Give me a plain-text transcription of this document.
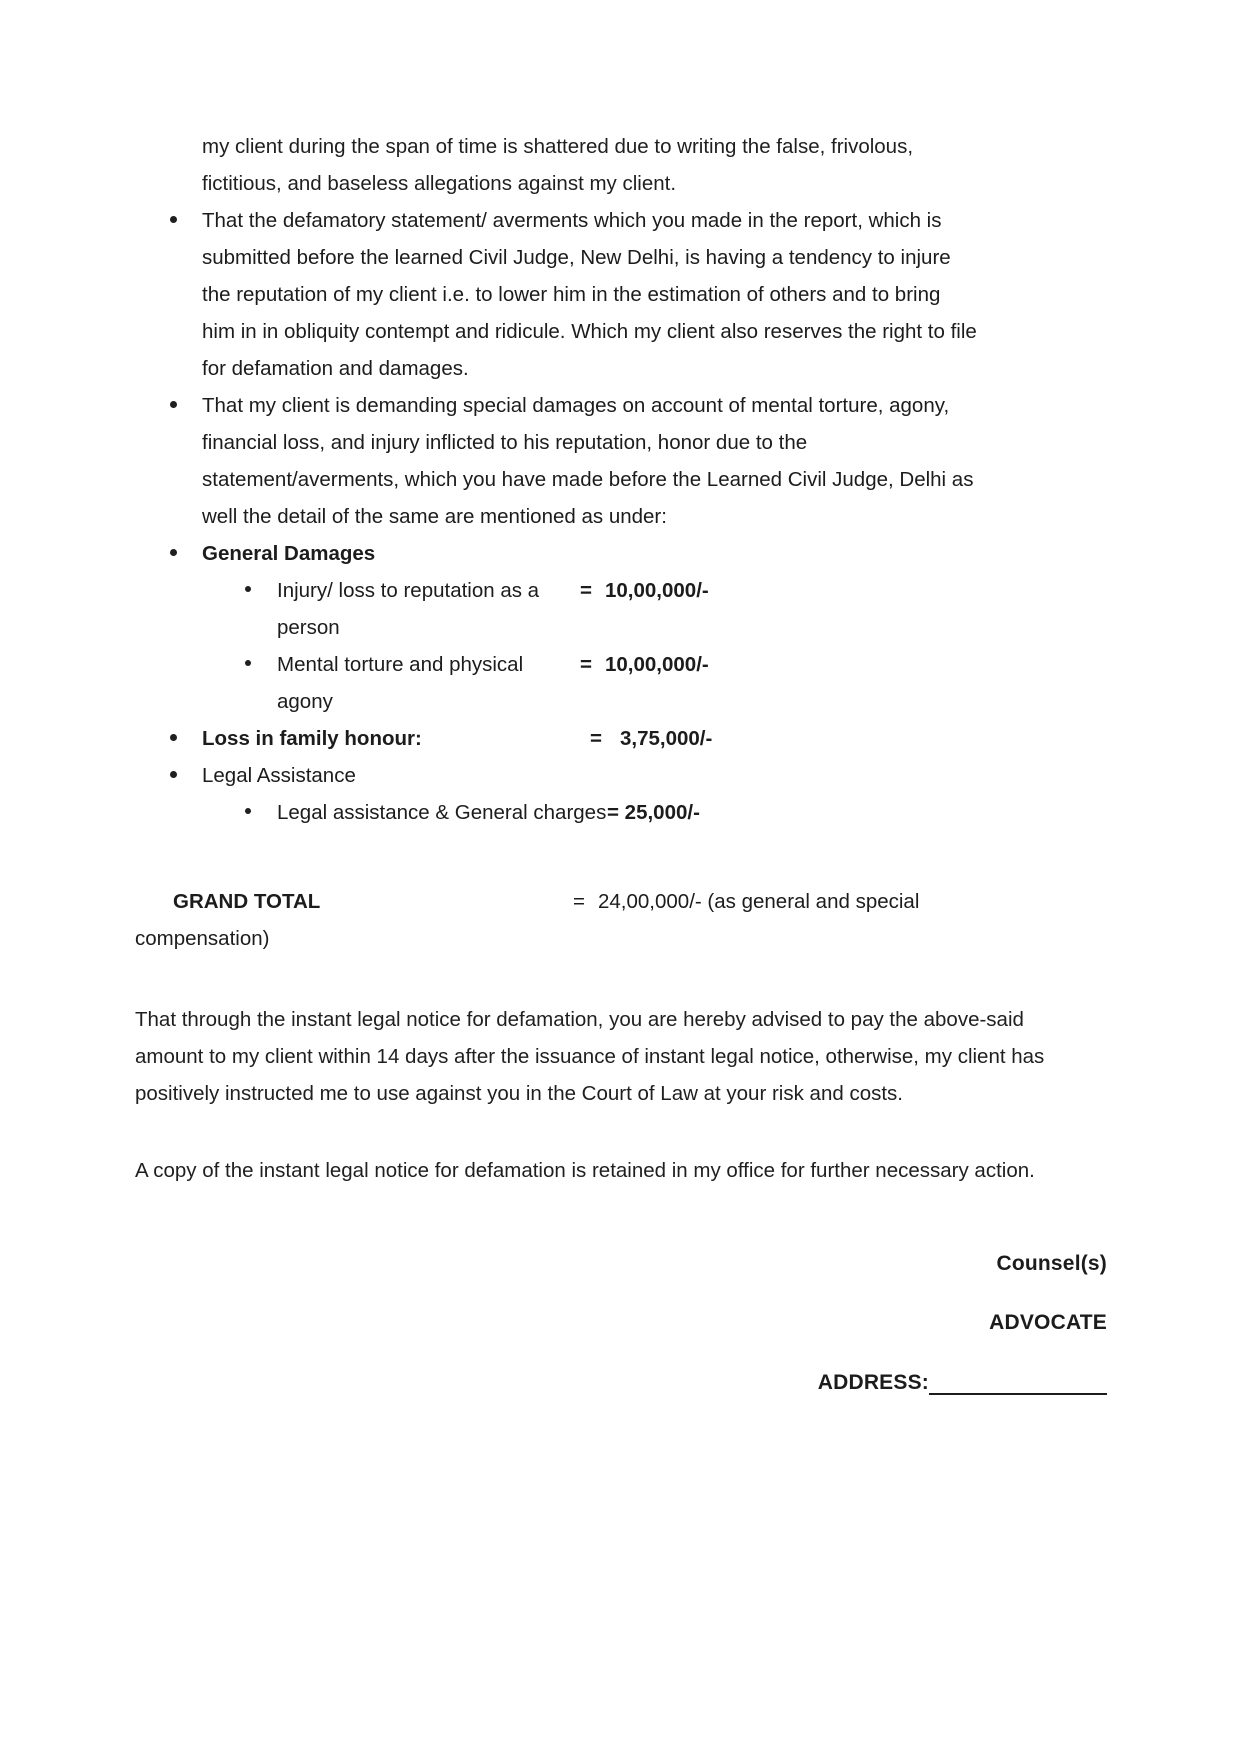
my client during the span of time is shattered due to writing the false, frivolous, fictitious, and baseless allegations against my client.

That the defamatory statement/ averments which you made in the report, which is submitted before the learned Civil Judge, New Delhi, is having a tendency to injure the reputation of my client i.e. to lower him in the estimation of others and to bring him in in obliquity contempt and ridicule. Which my client also reserves the right to file for defamation and damages.
That my client is demanding special damages on account of mental torture, agony, financial loss, and injury inflicted to his reputation, honor due to the statement/averments, which you have made before the Learned Civil Judge, Delhi as well the detail of the same are mentioned as under:
General Damages
Injury/ loss to reputation as a person
= 10,00,000/-
Mental torture and physical agony
= 10,00,000/-
Loss in family honour:	= 3,75,000/-
Legal Assistance
Legal assistance & General charges = 25,000/-
GRAND TOTAL	= 24,00,000/- (as general and special
compensation)

That through the instant legal notice for defamation, you are hereby advised to pay the above-said amount to my client within 14 days after the issuance of instant legal notice, otherwise, my client has positively instructed me to use against you in the Court of Law at your risk and costs.

A copy of the instant legal notice for defamation is retained in my office for further necessary action.

Counsel(s)
ADVOCATE
ADDRESS:
